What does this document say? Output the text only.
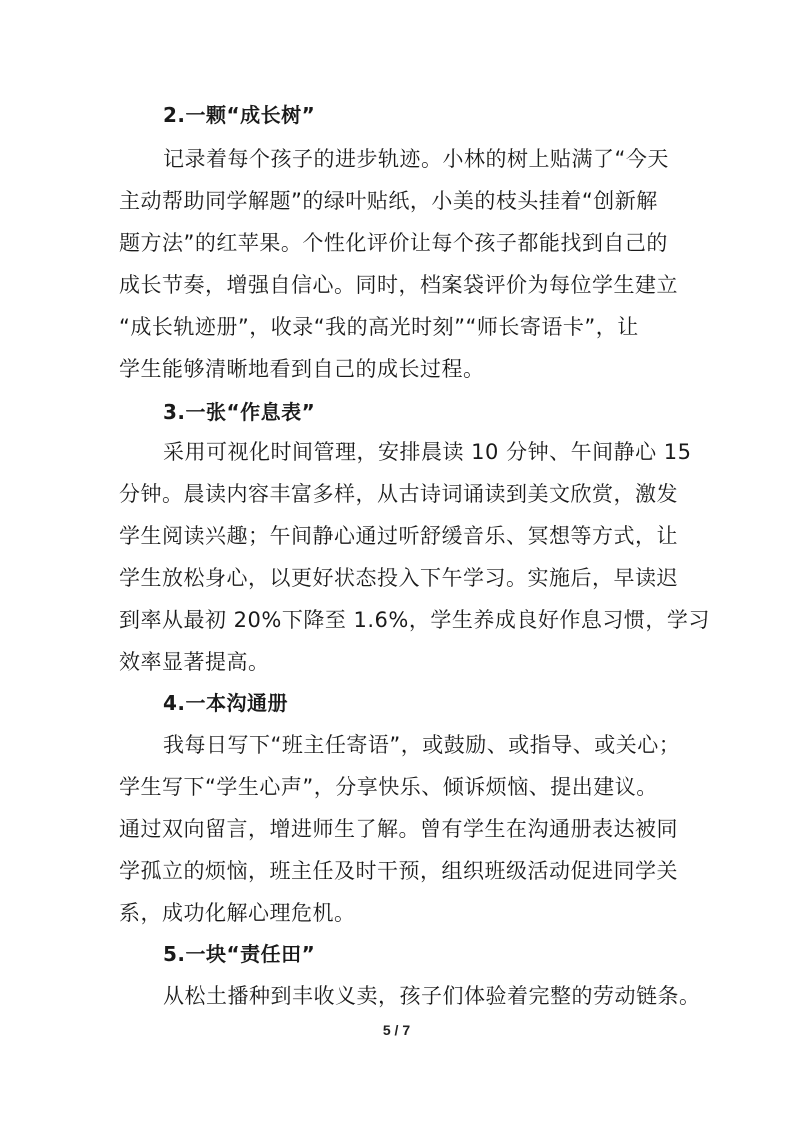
2.一颗“成长树”
记录着每个孩子的进步轨迹。小林的树上贴满了“今天
主动帮助同学解题”的绿叶贴纸，小美的枝头挂着“创新解
题方法”的红苹果。个性化评价让每个孩子都能找到自己的
成长节奏，增强自信心。同时，档案袋评价为每位学生建立
“成长轨迹册”，收录“我的高光时刻”“师长寄语卡”，让
学生能够清晰地看到自己的成长过程。
3.一张“作息表”
采用可视化时间管理，安排晨读 10 分钟、午间静心 15
分钟。晨读内容丰富多样，从古诗词诵读到美文欣赏，激发
学生阅读兴趣；午间静心通过听舒缓音乐、冥想等方式，让
学生放松身心，以更好状态投入下午学习。实施后，早读迟
到率从最初 20%下降至 1.6%，学生养成良好作息习惯，学习
效率显著提高。
4.一本沟通册
我每日写下“班主任寄语”，或鼓励、或指导、或关心；
学生写下“学生心声”，分享快乐、倾诉烦恼、提出建议。
通过双向留言，增进师生了解。曾有学生在沟通册表达被同
学孤立的烦恼，班主任及时干预，组织班级活动促进同学关
系，成功化解心理危机。
5.一块“责任田”
从松土播种到丰收义卖，孩子们体验着完整的劳动链条。
5 / 7
